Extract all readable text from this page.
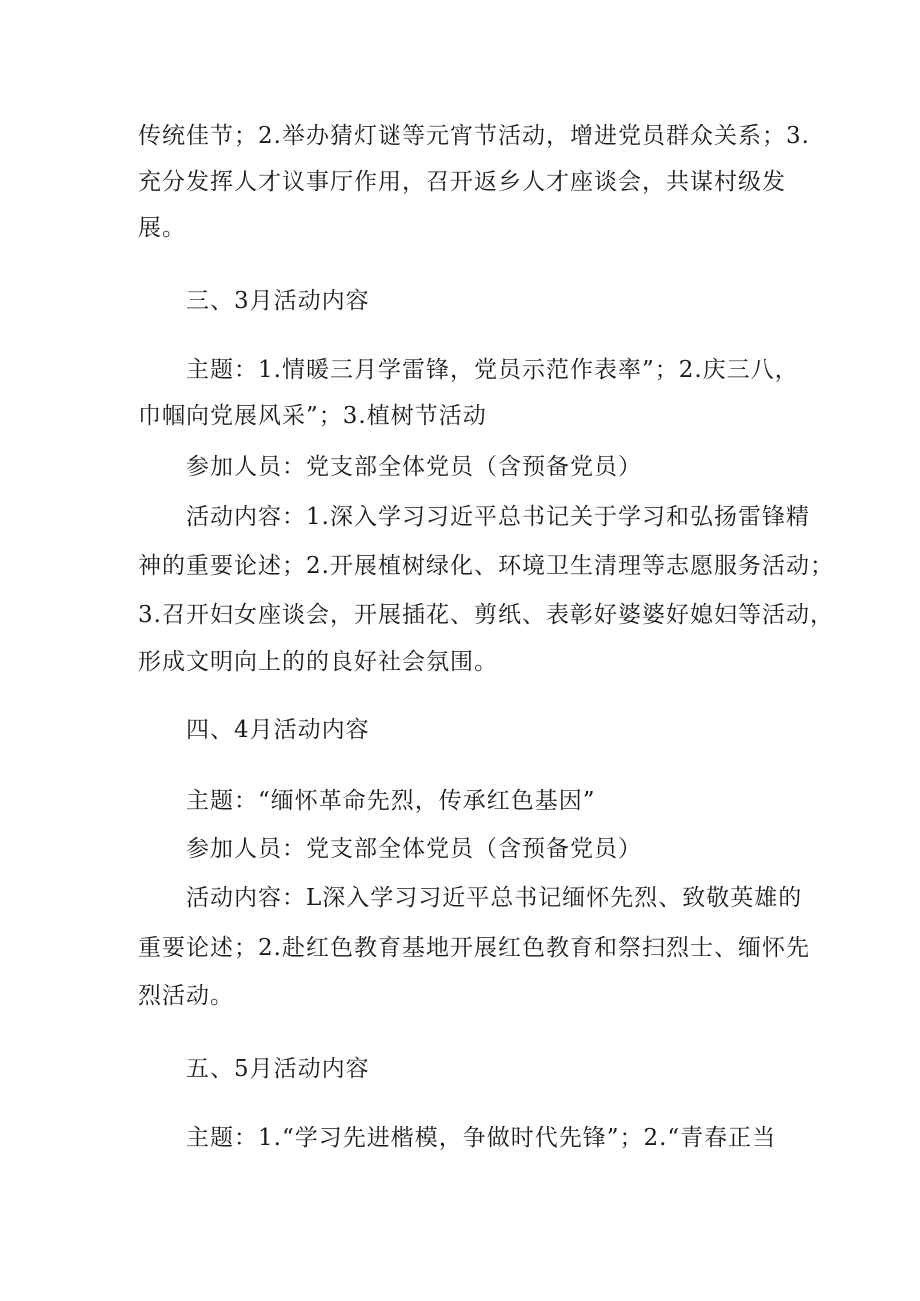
传统佳节；2.举办猜灯谜等元宵节活动，增进党员群众关系；3.
充分发挥人才议事厅作用，召开返乡人才座谈会，共谋村级发
展。
三、3月活动内容
主题：1.情暖三月学雷锋，党员示范作表率”；2.庆三八，
巾帼向党展风采”；3.植树节活动
参加人员：党支部全体党员（含预备党员）
活动内容：1.深入学习习近平总书记关于学习和弘扬雷锋精
神的重要论述；2.开展植树绿化、环境卫生清理等志愿服务活动；
3.召开妇女座谈会，开展插花、剪纸、表彰好婆婆好媳妇等活动，
形成文明向上的的良好社会氛围。
四、4月活动内容
主题：“缅怀革命先烈，传承红色基因”
参加人员：党支部全体党员（含预备党员）
活动内容：L深入学习习近平总书记缅怀先烈、致敬英雄的
重要论述；2.赴红色教育基地开展红色教育和祭扫烈士、缅怀先
烈活动。
五、5月活动内容
主题：1.“学习先进楷模，争做时代先锋”；2.“青春正当
